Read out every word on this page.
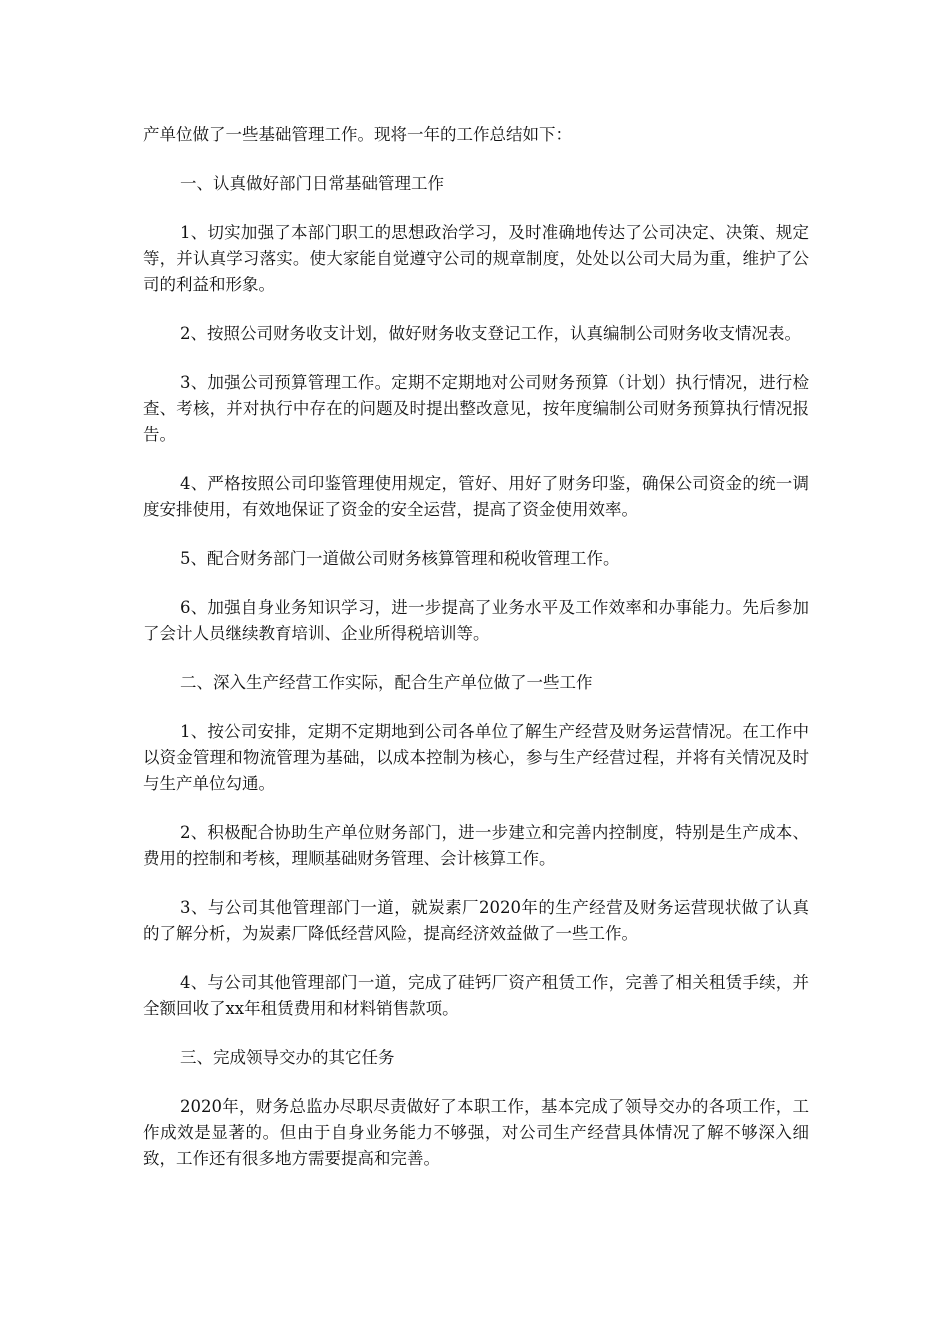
产单位做了一些基础管理工作。现将一年的工作总结如下：

一、认真做好部门日常基础管理工作

1、切实加强了本部门职工的思想政治学习，及时准确地传达了公司决定、决策、规定等，并认真学习落实。使大家能自觉遵守公司的规章制度，处处以公司大局为重，维护了公司的利益和形象。

2、按照公司财务收支计划，做好财务收支登记工作，认真编制公司财务收支情况表。

3、加强公司预算管理工作。定期不定期地对公司财务预算（计划）执行情况，进行检查、考核，并对执行中存在的问题及时提出整改意见，按年度编制公司财务预算执行情况报告。

4、严格按照公司印鉴管理使用规定，管好、用好了财务印鉴，确保公司资金的统一调度安排使用，有效地保证了资金的安全运营，提高了资金使用效率。

5、配合财务部门一道做公司财务核算管理和税收管理工作。

6、加强自身业务知识学习，进一步提高了业务水平及工作效率和办事能力。先后参加了会计人员继续教育培训、企业所得税培训等。

二、深入生产经营工作实际，配合生产单位做了一些工作

1、按公司安排，定期不定期地到公司各单位了解生产经营及财务运营情况。在工作中以资金管理和物流管理为基础，以成本控制为核心，参与生产经营过程，并将有关情况及时与生产单位勾通。

2、积极配合协助生产单位财务部门，进一步建立和完善内控制度，特别是生产成本、费用的控制和考核，理顺基础财务管理、会计核算工作。

3、与公司其他管理部门一道，就炭素厂2020年的生产经营及财务运营现状做了认真的了解分析，为炭素厂降低经营风险，提高经济效益做了一些工作。

4、与公司其他管理部门一道，完成了硅钙厂资产租赁工作，完善了相关租赁手续，并全额回收了xx年租赁费用和材料销售款项。

三、完成领导交办的其它任务

2020年，财务总监办尽职尽责做好了本职工作，基本完成了领导交办的各项工作，工作成效是显著的。但由于自身业务能力不够强，对公司生产经营具体情况了解不够深入细致，工作还有很多地方需要提高和完善。
